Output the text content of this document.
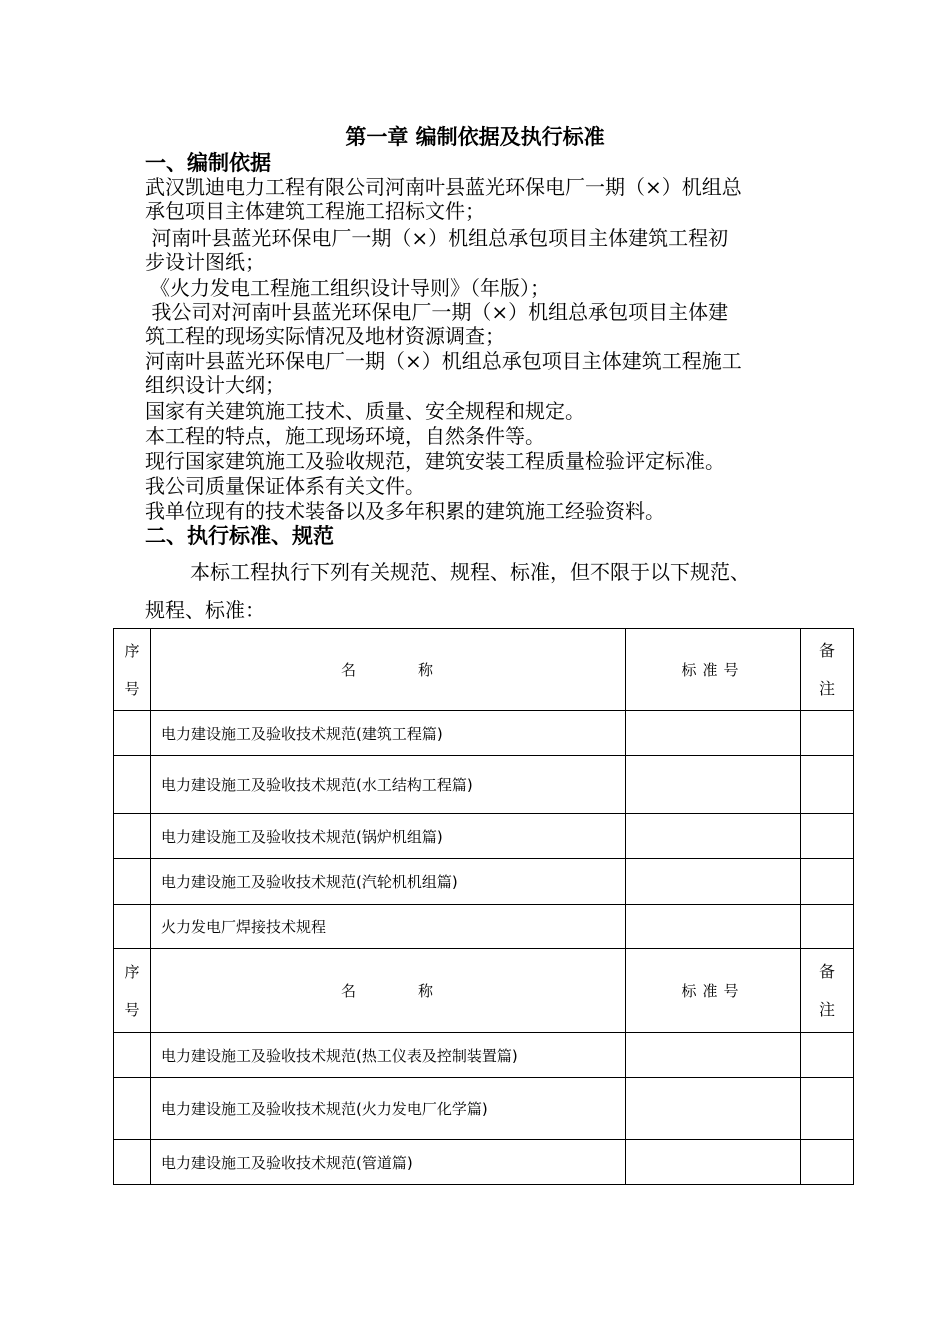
第一章 编制依据及执行标准
一、编制依据
武汉凯迪电力工程有限公司河南叶县蓝光环保电厂一期（×）机组总
承包项目主体建筑工程施工招标文件；
河南叶县蓝光环保电厂一期（×）机组总承包项目主体建筑工程初
步设计图纸；
《火力发电工程施工组织设计导则》（年版）；
我公司对河南叶县蓝光环保电厂一期（×）机组总承包项目主体建
筑工程的现场实际情况及地材资源调查；
河南叶县蓝光环保电厂一期（×）机组总承包项目主体建筑工程施工
组织设计大纲；
国家有关建筑施工技术、质量、安全规程和规定。
本工程的特点，施工现场环境，自然条件等。
现行国家建筑施工及验收规范，建筑安装工程质量检验评定标准。
我公司质量保证体系有关文件。
我单位现有的技术装备以及多年积累的建筑施工经验资料。
二、执行标准、规范
本标工程执行下列有关规范、规程、标准，但不限于以下规范、
规程、标准：
序
号	名 称	标准号	备
注

	电力建设施工及验收技术规范(建筑工程篇)		
	电力建设施工及验收技术规范(水工结构工程篇)		
	电力建设施工及验收技术规范(锅炉机组篇)		
	电力建设施工及验收技术规范(汽轮机机组篇)		
	火力发电厂焊接技术规程		

序
号	名 称	标准号	备
注

	电力建设施工及验收技术规范(热工仪表及控制装置篇)		
	电力建设施工及验收技术规范(火力发电厂化学篇)		
	电力建设施工及验收技术规范(管道篇)		
